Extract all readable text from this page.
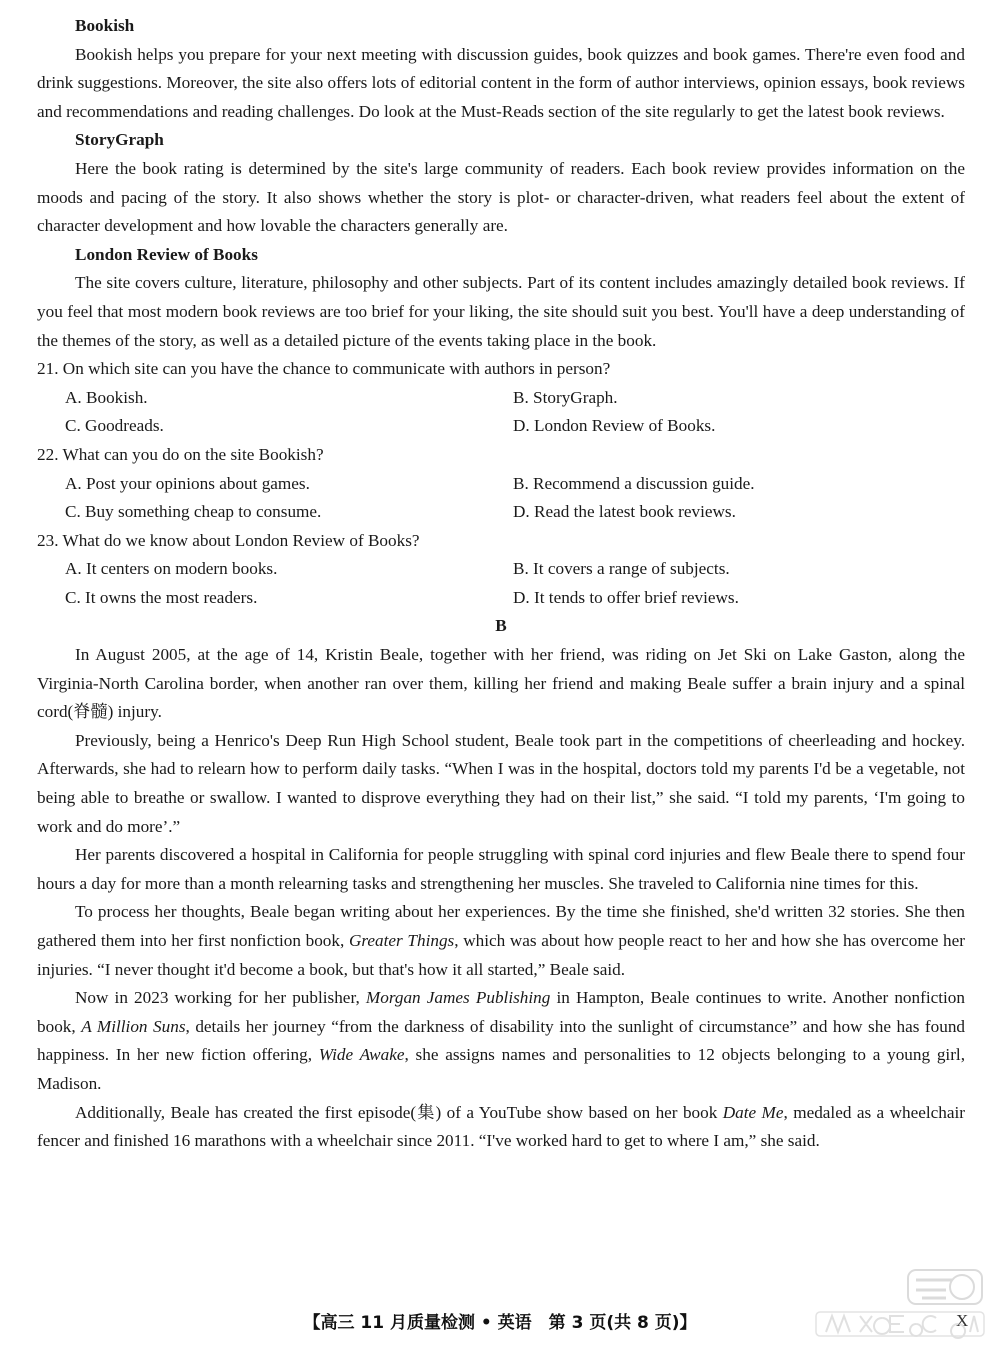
Bookish
Bookish helps you prepare for your next meeting with discussion guides, book quizzes and book games. There're even food and drink suggestions. Moreover, the site also offers lots of editorial content in the form of author interviews, opinion essays, book reviews and recommendations and reading challenges. Do look at the Must-Reads section of the site regularly to get the latest book reviews.
StoryGraph
Here the book rating is determined by the site's large community of readers. Each book review provides information on the moods and pacing of the story. It also shows whether the story is plot- or character-driven, what readers feel about the extent of character development and how lovable the characters generally are.
London Review of Books
The site covers culture, literature, philosophy and other subjects. Part of its content includes amazingly detailed book reviews. If you feel that most modern book reviews are too brief for your liking, the site should suit you best. You'll have a deep understanding of the themes of the story, as well as a detailed picture of the events taking place in the book.
21. On which site can you have the chance to communicate with authors in person?
A. Bookish.	B. StoryGraph.
C. Goodreads.	D. London Review of Books.
22. What can you do on the site Bookish?
A. Post your opinions about games.	B. Recommend a discussion guide.
C. Buy something cheap to consume.	D. Read the latest book reviews.
23. What do we know about London Review of Books?
A. It centers on modern books.	B. It covers a range of subjects.
C. It owns the most readers.	D. It tends to offer brief reviews.
B
In August 2005, at the age of 14, Kristin Beale, together with her friend, was riding on Jet Ski on Lake Gaston, along the Virginia-North Carolina border, when another ran over them, killing her friend and making Beale suffer a brain injury and a spinal cord(脊髓) injury.
Previously, being a Henrico's Deep Run High School student, Beale took part in the competitions of cheerleading and hockey. Afterwards, she had to relearn how to perform daily tasks. “When I was in the hospital, doctors told my parents I'd be a vegetable, not being able to breathe or swallow. I wanted to disprove everything they had on their list,” she said. “I told my parents, ‘I'm going to work and do more’.”
Her parents discovered a hospital in California for people struggling with spinal cord injuries and flew Beale there to spend four hours a day for more than a month relearning tasks and strengthening her muscles. She traveled to California nine times for this.
To process her thoughts, Beale began writing about her experiences. By the time she finished, she'd written 32 stories. She then gathered them into her first nonfiction book, Greater Things, which was about how people react to her and how she has overcome her injuries. “I never thought it'd become a book, but that's how it all started,” Beale said.
Now in 2023 working for her publisher, Morgan James Publishing in Hampton, Beale continues to write. Another nonfiction book, A Million Suns, details her journey “from the darkness of disability into the sunlight of circumstance” and how she has found happiness. In her new fiction offering, Wide Awake, she assigns names and personalities to 12 objects belonging to a young girl, Madison.
Additionally, Beale has created the first episode(集) of a YouTube show based on her book Date Me, medaled as a wheelchair fencer and finished 16 marathons with a wheelchair since 2011. “I've worked hard to get to where I am,” she said.
【高三 11 月质量检测 • 英语　第 3 页(共 8 页)】	X
